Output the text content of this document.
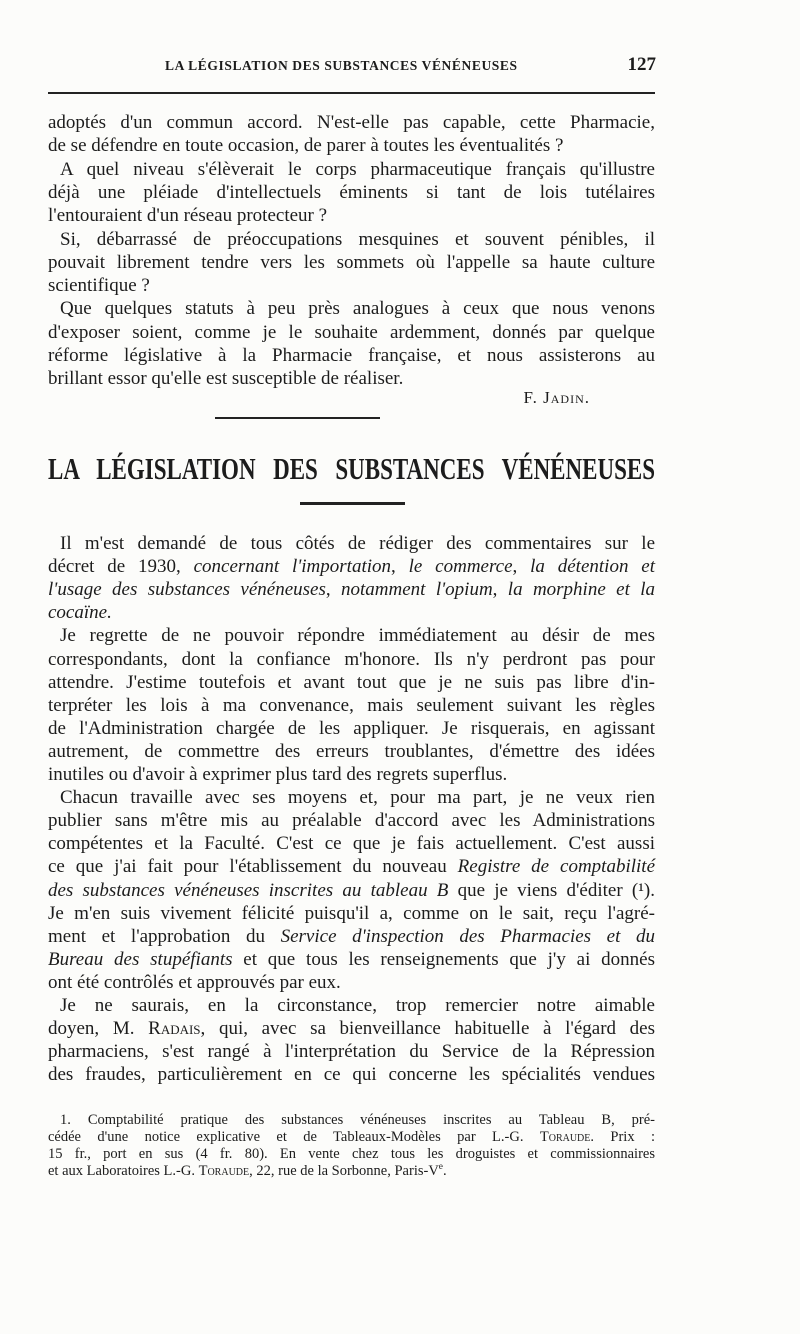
LA LÉGISLATION DES SUBSTANCES VÉNÉNEUSES	127
adoptés d'un commun accord. N'est-elle pas capable, cette Pharmacie,
de se défendre en toute occasion, de parer à toutes les éventualités ?
A quel niveau s'élèverait le corps pharmaceutique français qu'illustre
déjà une pléiade d'intellectuels éminents si tant de lois tutélaires
l'entouraient d'un réseau protecteur ?
Si, débarrassé de préoccupations mesquines et souvent pénibles, il
pouvait librement tendre vers les sommets où l'appelle sa haute culture
scientifique ?
Que quelques statuts à peu près analogues à ceux que nous venons
d'exposer soient, comme je le souhaite ardemment, donnés par quelque
réforme législative à la Pharmacie française, et nous assisterons au
brillant essor qu'elle est susceptible de réaliser.
F. Jadin.
LA LÉGISLATION DES SUBSTANCES VÉNÉNEUSES
Il m'est demandé de tous côtés de rédiger des commentaires sur le
décret de 1930, concernant l'importation, le commerce, la détention et
l'usage des substances vénéneuses, notamment l'opium, la morphine et la
cocaïne.
Je regrette de ne pouvoir répondre immédiatement au désir de mes
correspondants, dont la confiance m'honore. Ils n'y perdront pas pour
attendre. J'estime toutefois et avant tout que je ne suis pas libre d'in-
terpréter les lois à ma convenance, mais seulement suivant les règles
de l'Administration chargée de les appliquer. Je risquerais, en agissant
autrement, de commettre des erreurs troublantes, d'émettre des idées
inutiles ou d'avoir à exprimer plus tard des regrets superflus.
Chacun travaille avec ses moyens et, pour ma part, je ne veux rien
publier sans m'être mis au préalable d'accord avec les Administrations
compétentes et la Faculté. C'est ce que je fais actuellement. C'est aussi
ce que j'ai fait pour l'établissement du nouveau Registre de comptabilité
des substances vénéneuses inscrites au tableau B que je viens d'éditer (¹).
Je m'en suis vivement félicité puisqu'il a, comme on le sait, reçu l'agré-
ment et l'approbation du Service d'inspection des Pharmacies et du
Bureau des stupéfiants et que tous les renseignements que j'y ai donnés
ont été contrôlés et approuvés par eux.
Je ne saurais, en la circonstance, trop remercier notre aimable
doyen, M. Radais, qui, avec sa bienveillance habituelle à l'égard des
pharmaciens, s'est rangé à l'interprétation du Service de la Répression
des fraudes, particulièrement en ce qui concerne les spécialités vendues
1. Comptabilité pratique des substances vénéneuses inscrites au Tableau B, pré-
cédée d'une notice explicative et de Tableaux-Modèles par L.-G. Toraude. Prix :
15 fr., port en sus (4 fr. 80). En vente chez tous les droguistes et commissionnaires
et aux Laboratoires L.-G. Toraude, 22, rue de la Sorbonne, Paris-Ve.
